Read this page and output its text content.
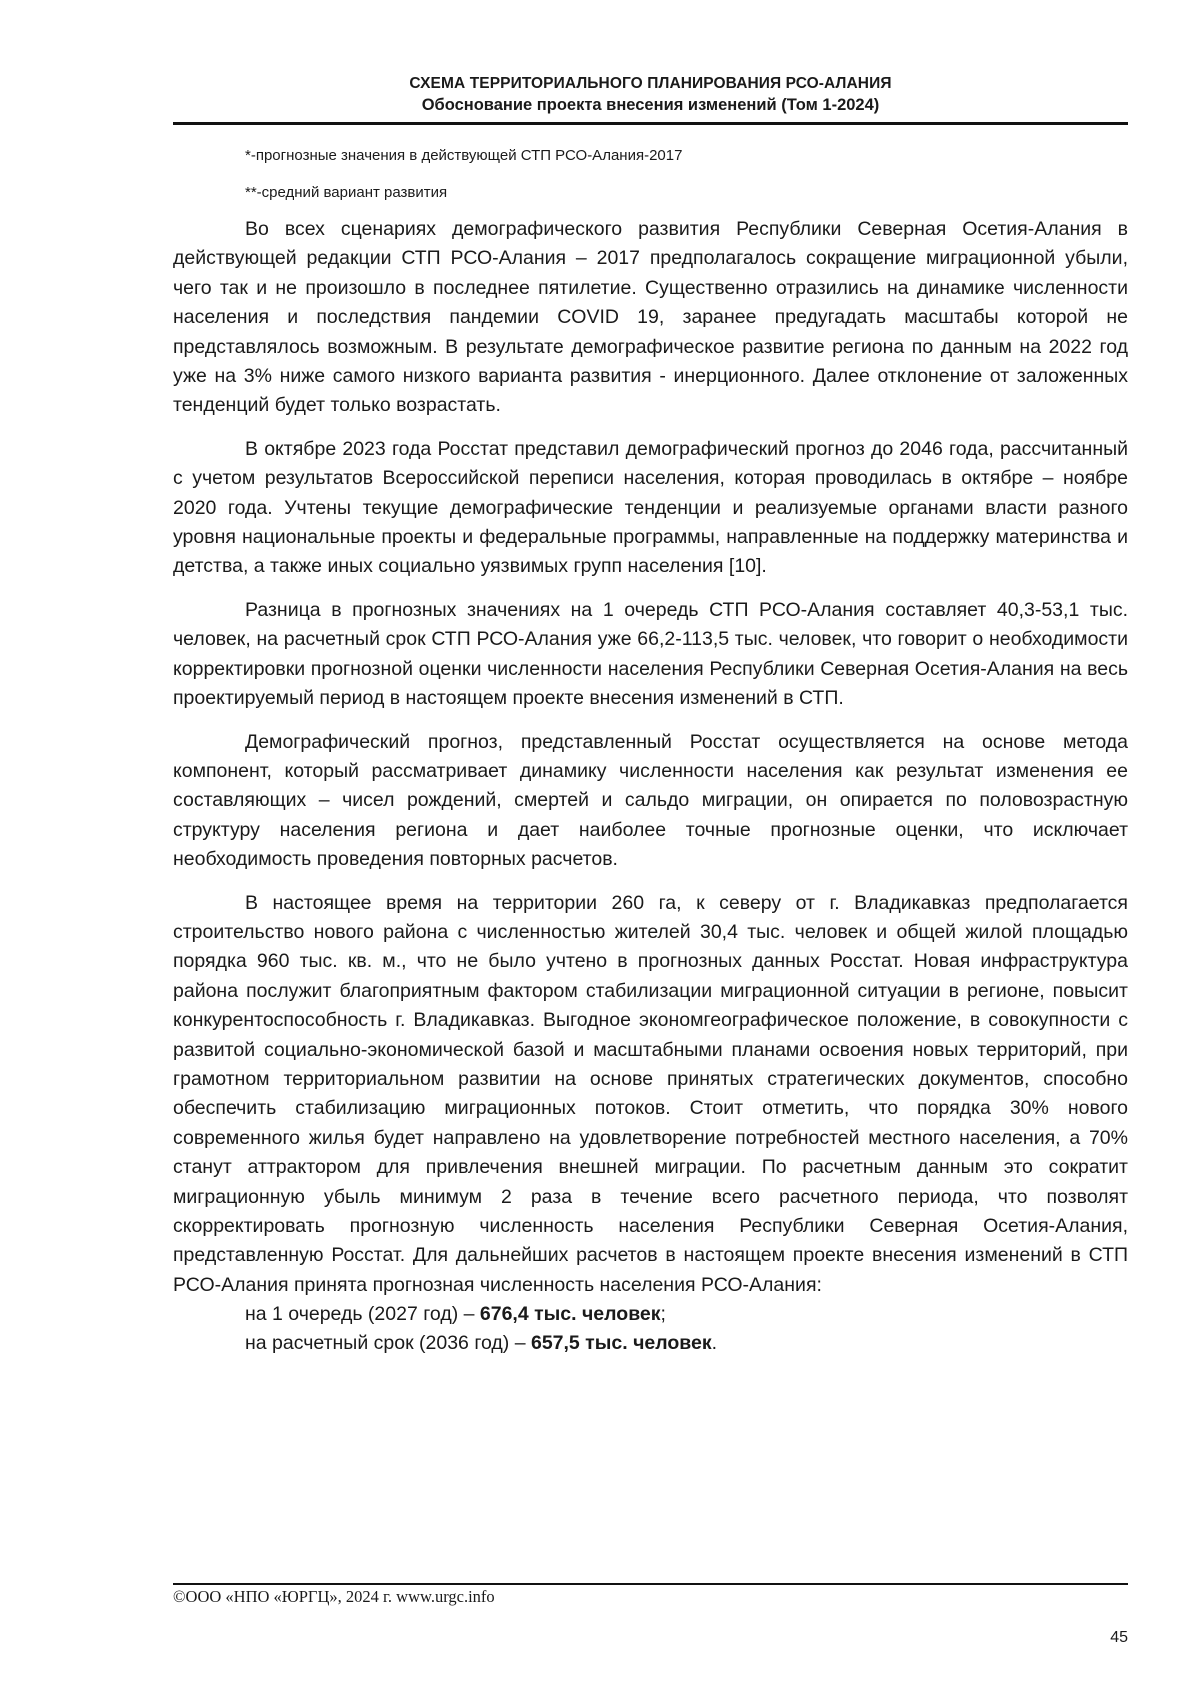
СХЕМА ТЕРРИТОРИАЛЬНОГО ПЛАНИРОВАНИЯ РСО-АЛАНИЯ
Обоснование проекта внесения изменений (Том 1-2024)

*-прогнозные значения в действующей СТП РСО-Алания-2017

**-средний вариант развития

Во всех сценариях демографического развития Республики Северная Осетия-Алания в действующей редакции СТП РСО-Алания – 2017 предполагалось сокращение миграционной убыли, чего так и не произошло в последнее пятилетие. Существенно отразились на динамике численности населения и последствия пандемии COVID 19, заранее предугадать масштабы которой не представлялось возможным. В результате демографическое развитие региона по данным на 2022 год уже на 3% ниже самого низкого варианта развития - инерционного. Далее отклонение от заложенных тенденций будет только возрастать.

В октябре 2023 года Росстат представил демографический прогноз до 2046 года, рассчитанный с учетом результатов Всероссийской переписи населения, которая проводилась в октябре – ноябре 2020 года. Учтены текущие демографические тенденции и реализуемые органами власти разного уровня национальные проекты и федеральные программы, направленные на поддержку материнства и детства, а также иных социально уязвимых групп населения [10].

Разница в прогнозных значениях на 1 очередь СТП РСО-Алания составляет 40,3-53,1 тыс. человек, на расчетный срок СТП РСО-Алания уже 66,2-113,5 тыс. человек, что говорит о необходимости корректировки прогнозной оценки численности населения Республики Северная Осетия-Алания на весь проектируемый период в настоящем проекте внесения изменений в СТП.

Демографический прогноз, представленный Росстат осуществляется на основе метода компонент, который рассматривает динамику численности населения как результат изменения ее составляющих – чисел рождений, смертей и сальдо миграции, он опирается по половозрастную структуру населения региона и дает наиболее точные прогнозные оценки, что исключает необходимость проведения повторных расчетов.

В настоящее время на территории 260 га, к северу от г. Владикавказ предполагается строительство нового района с численностью жителей 30,4 тыс. человек и общей жилой площадью порядка 960 тыс. кв. м., что не было учтено в прогнозных данных Росстат. Новая инфраструктура района послужит благоприятным фактором стабилизации миграционной ситуации в регионе, повысит конкурентоспособность г. Владикавказ. Выгодное экономгеографическое положение, в совокупности с развитой социально-экономической базой и масштабными планами освоения новых территорий, при грамотном территориальном развитии на основе принятых стратегических документов, способно обеспечить стабилизацию миграционных потоков. Стоит отметить, что порядка 30% нового современного жилья будет направлено на удовлетворение потребностей местного населения, а 70% станут аттрактором для привлечения внешней миграции. По расчетным данным это сократит миграционную убыль минимум 2 раза в течение всего расчетного периода, что позволят скорректировать прогнозную численность населения Республики Северная Осетия-Алания, представленную Росстат. Для дальнейших расчетов в настоящем проекте внесения изменений в СТП РСО-Алания принята прогнозная численность населения РСО-Алания:

на 1 очередь (2027 год) – 676,4 тыс. человек;

на расчетный срок (2036 год) – 657,5 тыс. человек.

©ООО «НПО «ЮРГЦ», 2024 г. www.urgc.info
45
